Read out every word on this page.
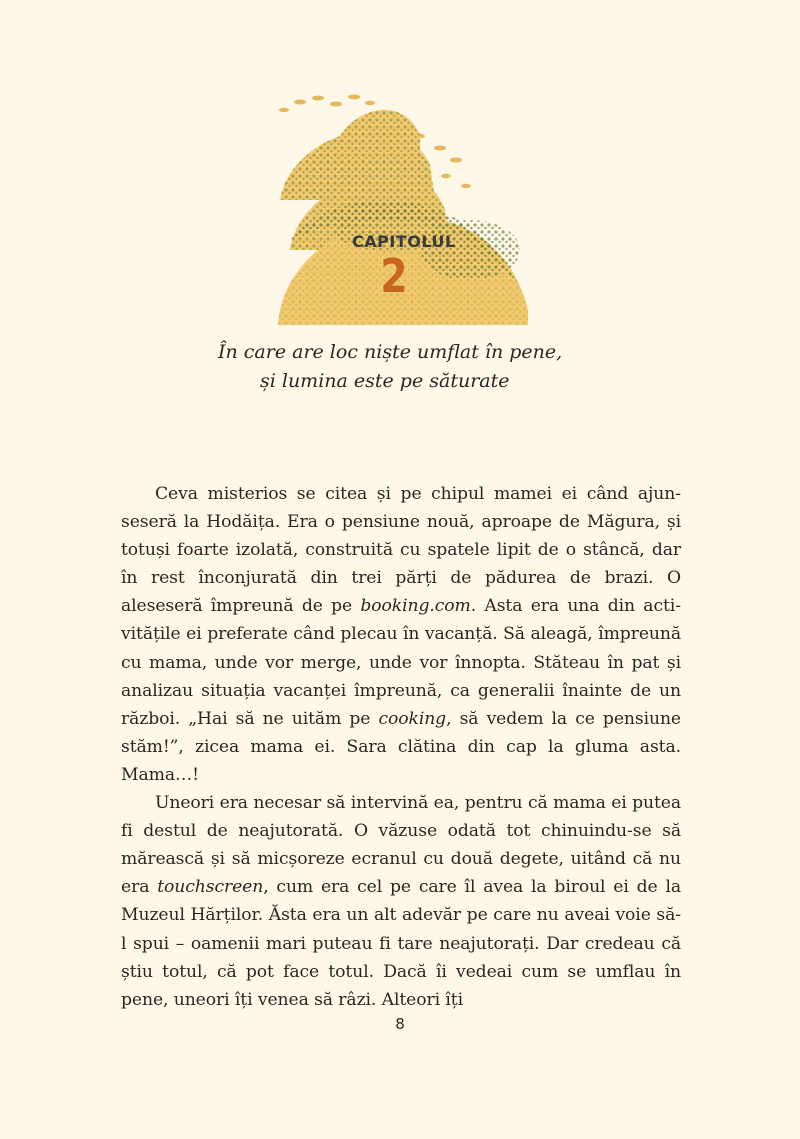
CAPITOLUL
2
În care are loc niște umflat în pene,
și lumina este pe săturate

Ceva misterios se citea și pe chipul mamei ei când ajunseseră la Hodăița. Era o pensiune nouă, aproape de Măgura, și totuși foarte izolată, construită cu spatele lipit de o stâncă, dar în rest înconjurată din trei părți de pădurea de brazi. O aleseseră împreună de pe booking.com. Asta era una din activitățile ei preferate când plecau în vacanță. Să aleagă, împreună cu mama, unde vor merge, unde vor înnopta. Stăteau în pat și analizau situația vacanței împreună, ca generalii înainte de un război. „Hai să ne uităm pe cooking, să vedem la ce pensiune stăm!”, zicea mama ei. Sara clătina din cap la gluma asta. Mama…!

Uneori era necesar să intervină ea, pentru că mama ei putea fi destul de neajutorată. O văzuse odată tot chinuindu-se să mărească și să micșoreze ecranul cu două degete, uitând că nu era touchscreen, cum era cel pe care îl avea la biroul ei de la Muzeul Hărților. Ăsta era un alt adevăr pe care nu aveai voie să-l spui – oamenii mari puteau fi tare neajutorați. Dar credeau că știu totul, că pot face totul. Dacă îi vedeai cum se umflau în pene, uneori îți venea să râzi. Alteori îți

8
